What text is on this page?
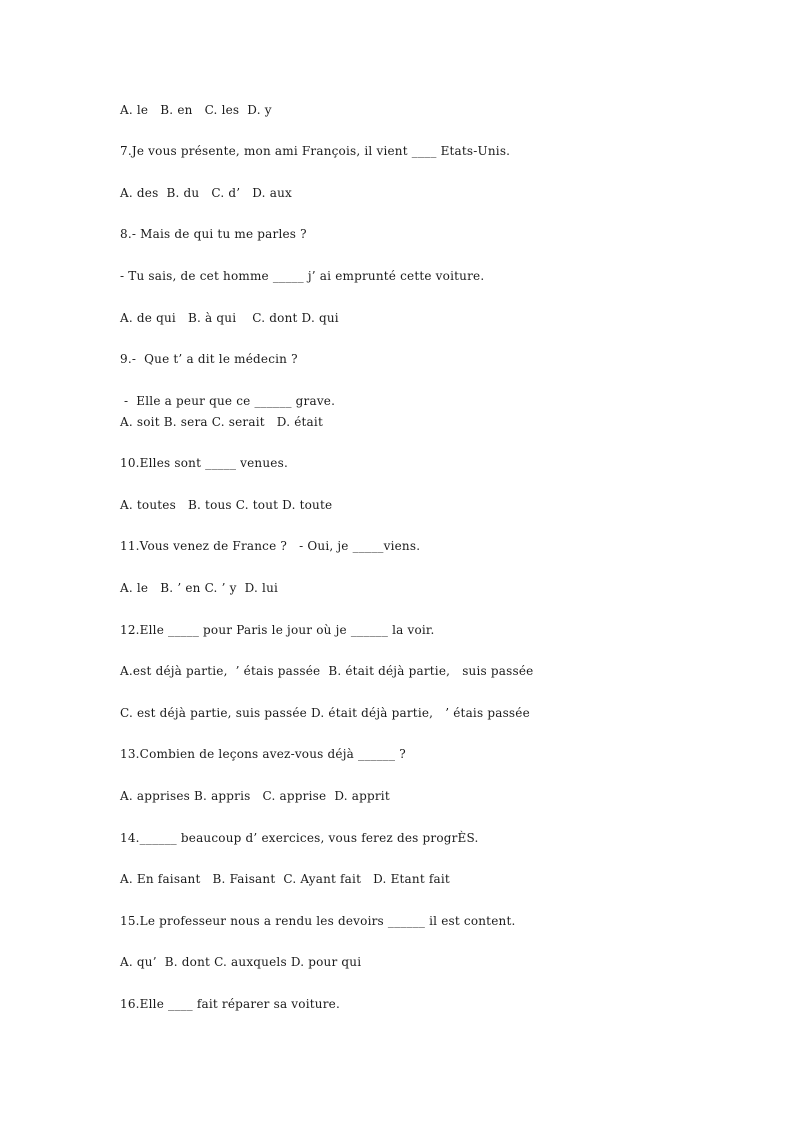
A. le   B. en   C. les  D. y
7.Je vous présente, mon ami François, il vient ____ Etats-Unis.
A. des  B. du   C. d’   D. aux
8.- Mais de qui tu me parles ?
- Tu sais, de cet homme _____ j’ ai emprunté cette voiture.
A. de qui   B. à qui    C. dont D. qui
9.-  Que t’ a dit le médecin ?
-  Elle a peur que ce ______ grave.
A. soit B. sera C. serait   D. était
10.Elles sont _____ venues.
A. toutes   B. tous C. tout D. toute
11.Vous venez de France ?   - Oui, je _____viens.
A. le   B. ’ en C. ’ y  D. lui
12.Elle _____ pour Paris le jour où je ______ la voir.
A.est déjà partie,  ’ étais passée  B. était déjà partie,   suis passée
C. est déjà partie, suis passée D. était déjà partie,   ’ étais passée
13.Combien de leçons avez-vous déjà ______ ?
A. apprises B. appris   C. apprise  D. apprit
14.______ beaucoup d’ exercices, vous ferez des progrÈS.
A. En faisant   B. Faisant  C. Ayant fait   D. Etant fait
15.Le professeur nous a rendu les devoirs ______ il est content.
A. qu’  B. dont C. auxquels D. pour qui
16.Elle ____ fait réparer sa voiture.
